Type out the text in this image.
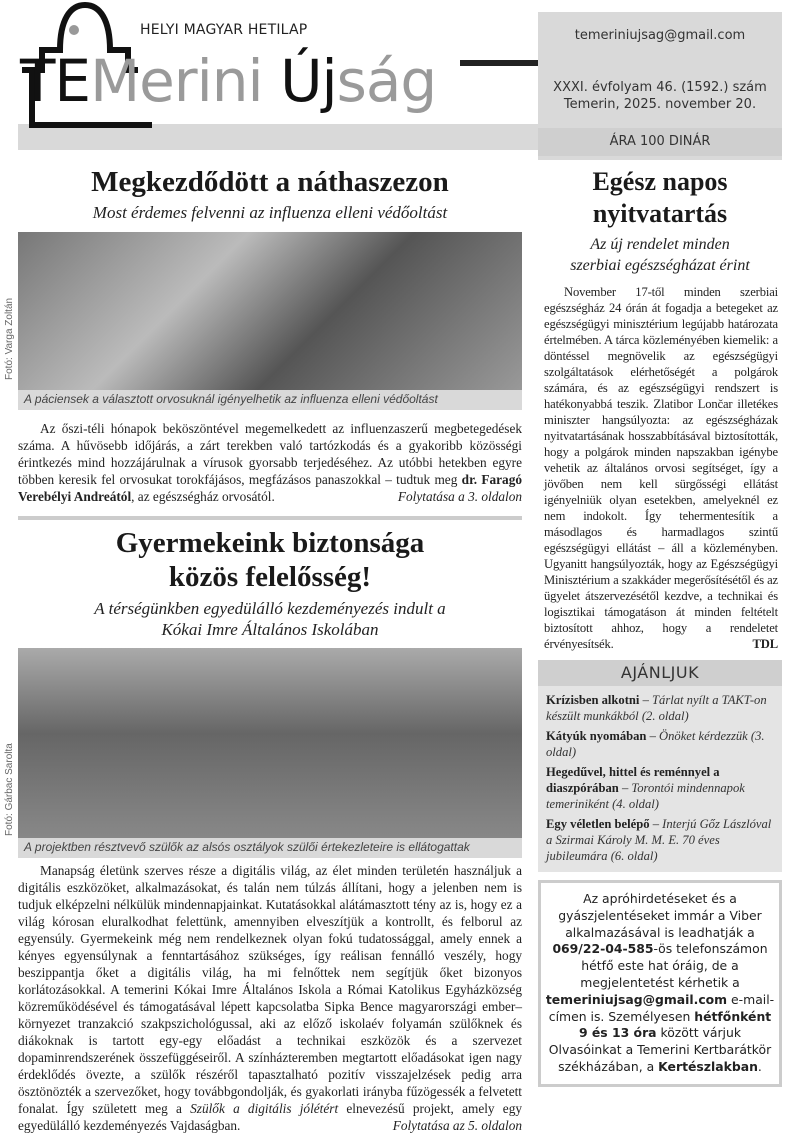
HELYI MAGYAR HETILAP
TEMerini Újság
temeriniujsag@gmail.com
XXXI. évfolyam 46. (1592.) szám
Temerin, 2025. november 20.
ÁRA 100 DINÁR
Megkezdődött a náthaszezon
Most érdemes felvenni az influenza elleni védőoltást
Fotó: Varga Zoltán
A páciensek a választott orvosuknál igényelhetik az influenza elleni védőoltást
Az őszi-téli hónapok beköszöntével megemelkedett az influenzaszerű megbetegedések száma. A hűvösebb időjárás, a zárt terekben való tartózkodás és a gyakoribb közösségi érintkezés mind hozzájárulnak a vírusok gyorsabb terjedéséhez. Az utóbbi hetekben egyre többen keresik fel orvosukat torokfájásos, megfázásos panaszokkal – tudtuk meg dr. Faragó Verebélyi Andreától, az egészségház orvosától.	Folytatása a 3. oldalon
Gyermekeink biztonsága
közös felelősség!
A térségünkben egyedülálló kezdeményezés indult a
Kókai Imre Általános Iskolában
Fotó: Gárbac Sarolta
A projektben résztvevő szülők az alsós osztályok szülői értekezleteire is ellátogattak
Manapság életünk szerves része a digitális világ, az élet minden területén használjuk a digitális eszközöket, alkalmazásokat, és talán nem túlzás állítani, hogy a jelenben nem is tudjuk elképzelni nélkülük mindennapjainkat. Kutatásokkal alátámasztott tény az is, hogy ez a világ kórosan eluralkodhat felettünk, amennyiben elveszítjük a kontrollt, és felborul az egyensúly. Gyermekeink még nem rendelkeznek olyan fokú tudatossággal, amely ennek a kényes egyensúlynak a fenntartásához szükséges, így reálisan fennálló veszély, hogy beszippantja őket a digitális világ, ha mi felnőttek nem segítjük őket bizonyos korlátozásokkal. A temerini Kókai Imre Általános Iskola a Római Katolikus Egyházközség közreműködésével és támogatásával lépett kapcsolatba Sipka Bence magyarországi ember–környezet tranzakció szakpszichológussal, aki az előző iskolaév folyamán szülőknek és diákoknak is tartott egy-egy előadást a technikai eszközök és a szervezet dopaminrendszerének összefüggéseiről. A színházteremben megtartott előadásokat igen nagy érdeklődés övezte, a szülők részéről tapasztalható pozitív visszajelzések pedig arra ösztönözték a szervezőket, hogy továbbgondolják, és gyakorlati irányba fűzögessék a felvetett fonalat. Így született meg a Szülők a digitális jólétért elnevezésű projekt, amely egy egyedülálló kezdeményezés Vajdaságban.	Folytatása az 5. oldalon
Egész napos
nyitvatartás
Az új rendelet minden
szerbiai egészségházat érint
November 17-től minden szerbiai egészségház 24 órán át fogadja a betegeket az egészségügyi minisztérium legújabb határozata értelmében. A tárca közleményében kiemelik: a döntéssel megnövelik az egészségügyi szolgáltatások elérhetőségét a polgárok számára, és az egészségügyi rendszert is hatékonyabbá teszik. Zlatibor Lončar illetékes miniszter hangsúlyozta: az egészségházak nyitvatartásának hosszabbításával biztosították, hogy a polgárok minden napszakban igénybe vehetik az általános orvosi segítséget, így a jövőben nem kell sürgősségi ellátást igényelniük olyan esetekben, amelyeknél ez nem indokolt. Így tehermentesítik a másodlagos és harmadlagos szintű egészségügyi ellátást – áll a közleményben. Ugyanitt hangsúlyozták, hogy az Egészségügyi Minisztérium a szakkáder megerősítésétől és az ügyelet átszervezésétől kezdve, a technikai és logisztikai támogatáson át minden feltételt biztosított ahhoz, hogy a rendeletet érvényesítsék.	TDL
AJÁNLJUK
Krízisben alkotni – Tárlat nyílt a TAKT-on készült munkákból (2. oldal)
Kátyúk nyomában – Önöket kérdezzük (3. oldal)
Hegedűvel, hittel és reménnyel a diaszpórában – Torontói mindennapok temeriniként (4. oldal)
Egy véletlen belépő – Interjú Gőz Lászlóval a Szirmai Károly M. M. E. 70 éves jubileumára (6. oldal)
Az apróhirdetéseket és a gyászjelentéseket immár a Viber alkalmazásával is leadhatják a 069/22-04-585-ös telefonszámon hétfő este hat óráig, de a megjelentetést kérhetik a temeriniujsag@gmail.com e-mail-címen is. Személyesen hétfőnként 9 és 13 óra között várjuk Olvasóinkat a Temerini Kertbarátkör székházában, a Kertészlakban.
